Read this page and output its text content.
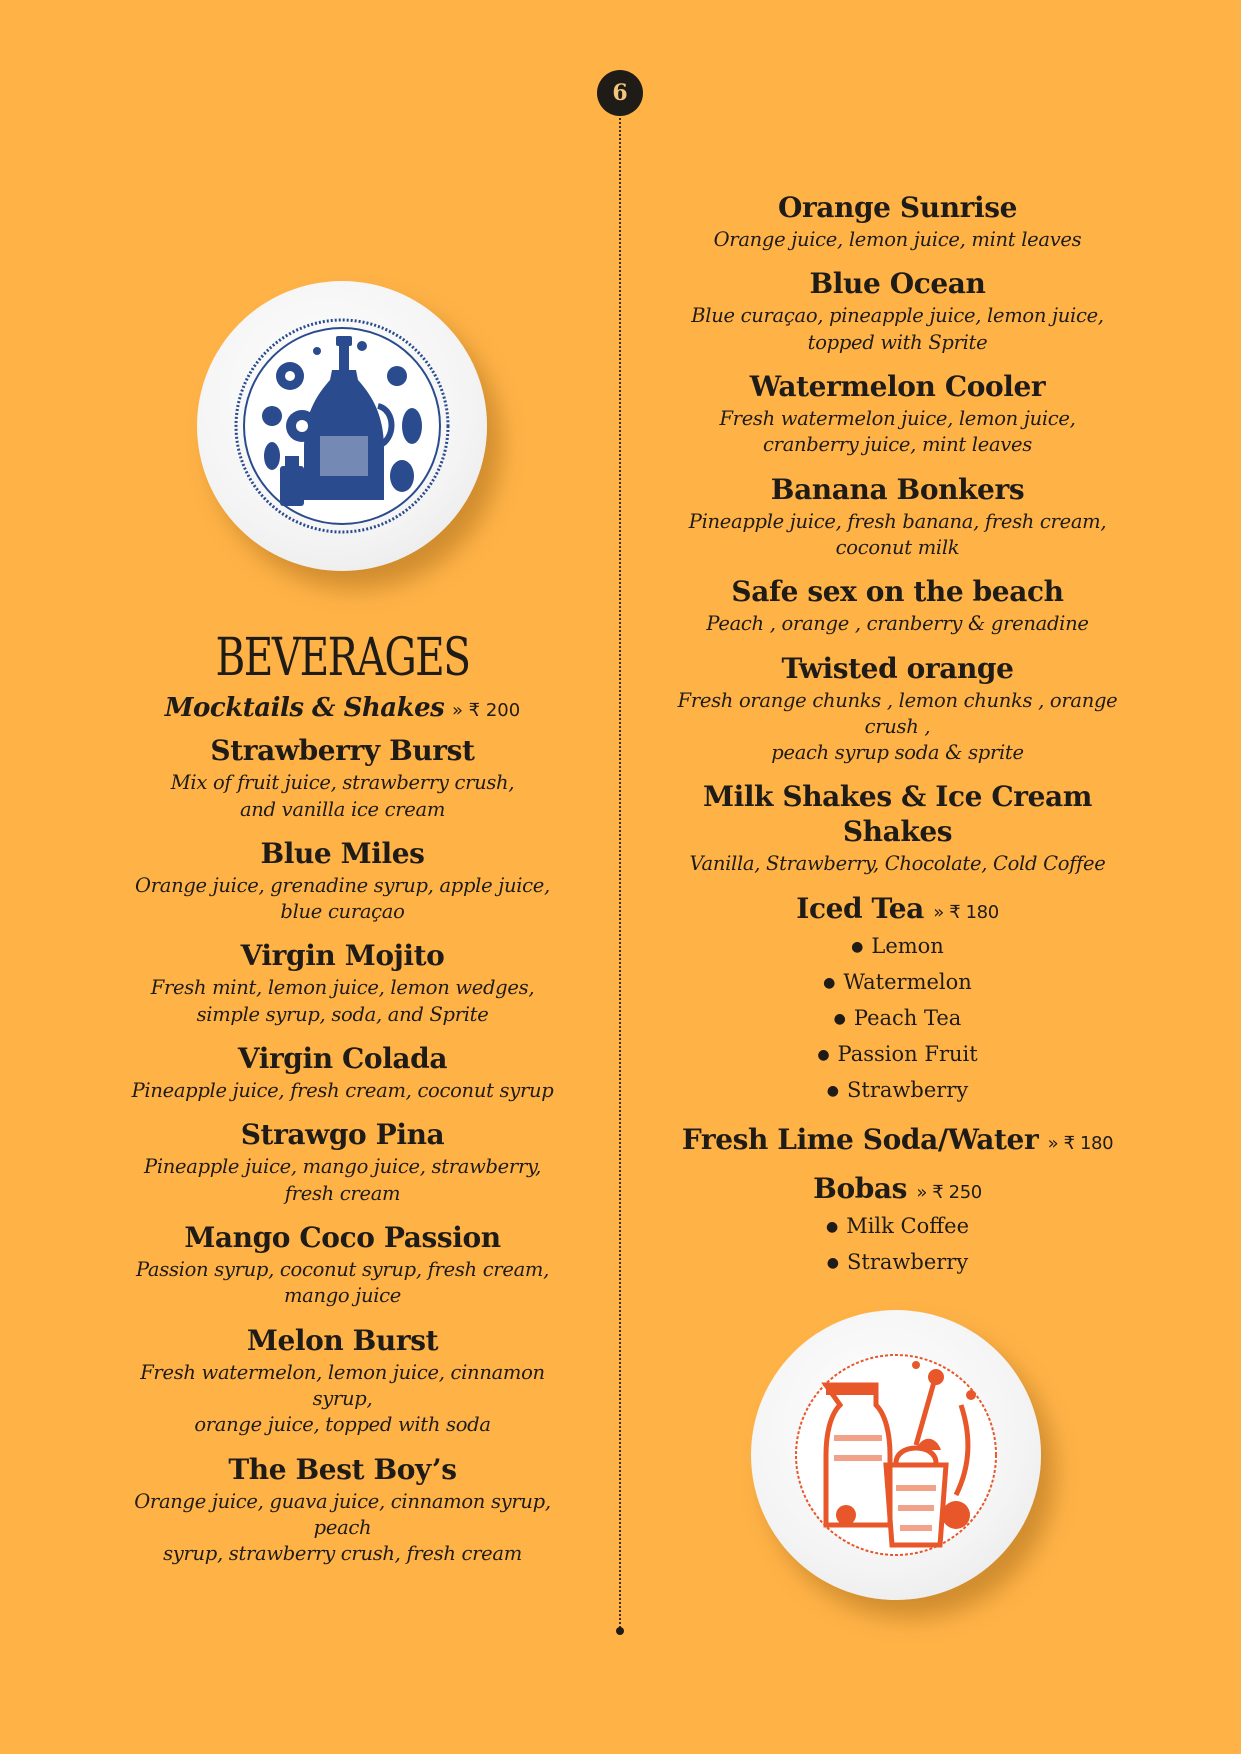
6
BEVERAGES
Mocktails & Shakes » ₹ 200

Strawberry Burst

Mix of fruit juice, strawberry crush,
and vanilla ice cream

Blue Miles

Orange juice, grenadine syrup, apple juice,
blue curaçao

Virgin Mojito

Fresh mint, lemon juice, lemon wedges,
simple syrup, soda, and Sprite

Virgin Colada

Pineapple juice, fresh cream, coconut syrup

Strawgo Pina

Pineapple juice, mango juice, strawberry,
fresh cream

Mango Coco Passion

Passion syrup, coconut syrup, fresh cream,
mango juice

Melon Burst

Fresh watermelon, lemon juice, cinnamon syrup,
orange juice, topped with soda

The Best Boy’s

Orange juice, guava juice, cinnamon syrup, peach
syrup, strawberry crush, fresh cream

Orange Sunrise

Orange juice, lemon juice, mint leaves

Blue Ocean

Blue curaçao, pineapple juice, lemon juice,
topped with Sprite

Watermelon Cooler

Fresh watermelon juice, lemon juice,
cranberry juice, mint leaves

Banana Bonkers

Pineapple juice, fresh banana, fresh cream,
coconut milk

Safe sex on the beach

Peach , orange , cranberry & grenadine

Twisted orange

Fresh orange chunks , lemon chunks , orange crush ,
peach syrup soda & sprite

Milk Shakes & Ice Cream Shakes

Vanilla, Strawberry, Chocolate, Cold Coffee

Iced Tea » ₹ 180

● Lemon
● Watermelon
● Peach Tea
● Passion Fruit
● Strawberry

Fresh Lime Soda/Water » ₹ 180

Bobas » ₹ 250

● Milk Coffee
● Strawberry
